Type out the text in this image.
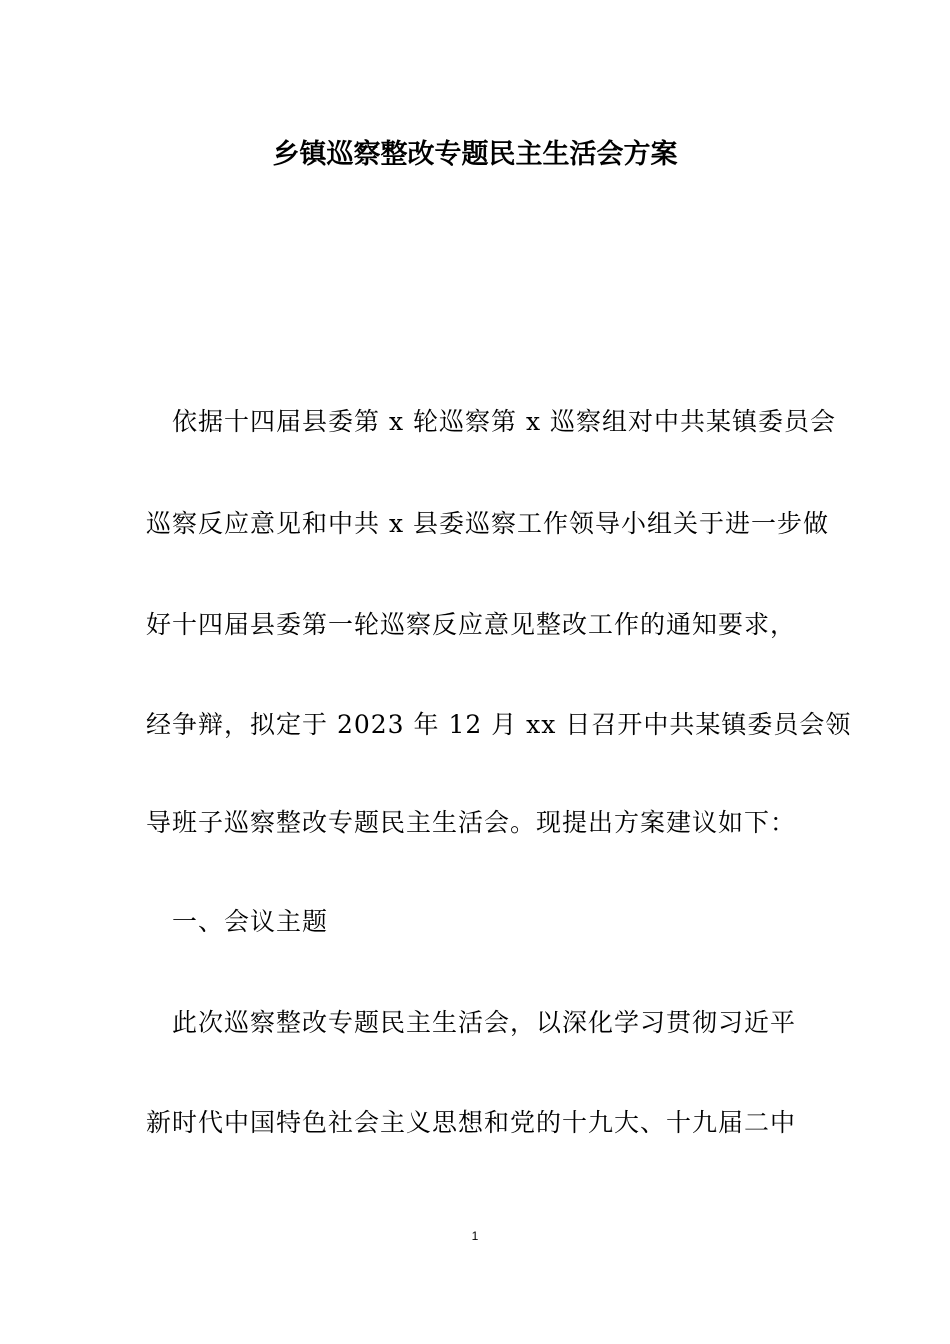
乡镇巡察整改专题民主生活会方案
　依据十四届县委第 x 轮巡察第 x 巡察组对中共某镇委员会
巡察反应意见和中共 x 县委巡察工作领导小组关于进一步做
好十四届县委第一轮巡察反应意见整改工作的通知要求，
经争辩，拟定于 2023 年 12 月 xx 日召开中共某镇委员会领
导班子巡察整改专题民主生活会。现提出方案建议如下：
　一、会议主题
　此次巡察整改专题民主生活会，以深化学习贯彻习近平
新时代中国特色社会主义思想和党的十九大、十九届二中
1
